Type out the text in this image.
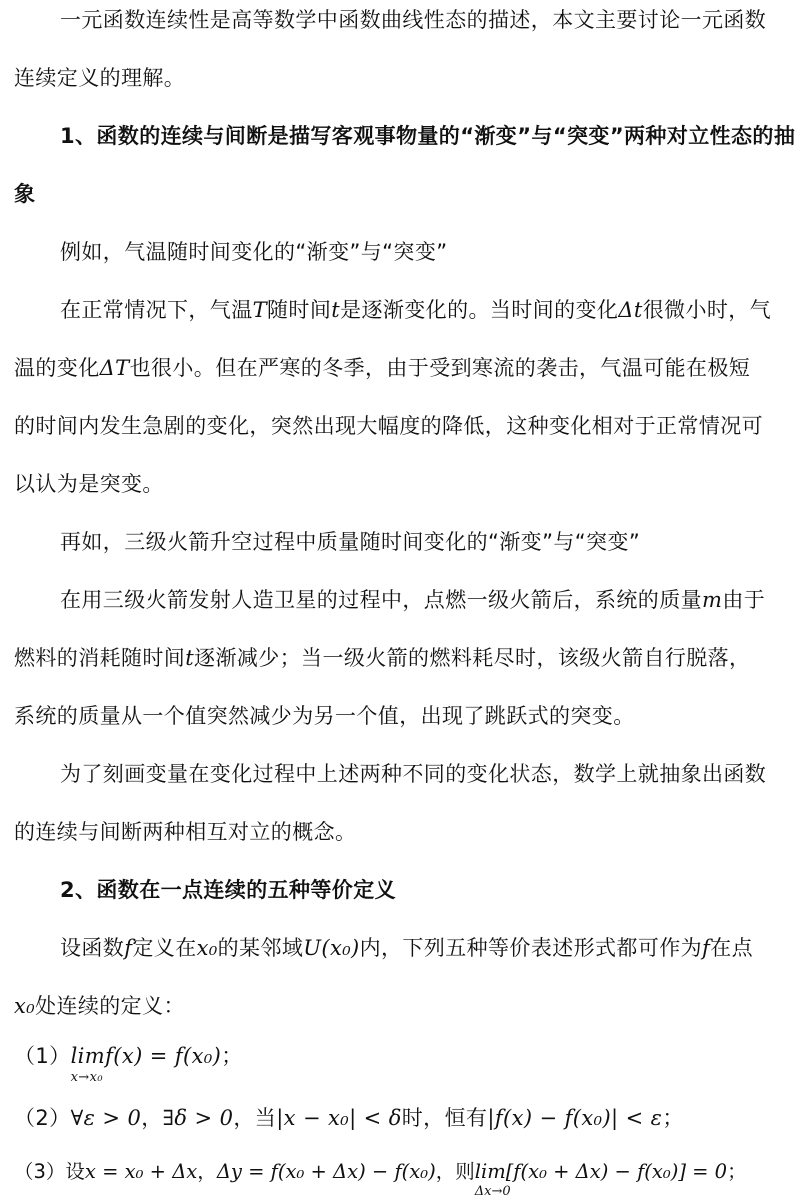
一元函数连续性是高等数学中函数曲线性态的描述，本文主要讨论一元函数
连续定义的理解。
1、函数的连续与间断是描写客观事物量的“渐变”与“突变”两种对立性态的抽
象
例如，气温随时间变化的“渐变”与“突变”
在正常情况下，气温T随时间t是逐渐变化的。当时间的变化Δt很微小时，气
温的变化ΔT也很小。但在严寒的冬季，由于受到寒流的袭击，气温可能在极短
的时间内发生急剧的变化，突然出现大幅度的降低，这种变化相对于正常情况可
以认为是突变。
再如，三级火箭升空过程中质量随时间变化的“渐变”与“突变”
在用三级火箭发射人造卫星的过程中，点燃一级火箭后，系统的质量m由于
燃料的消耗随时间t逐渐减少；当一级火箭的燃料耗尽时，该级火箭自行脱落，
系统的质量从一个值突然减少为另一个值，出现了跳跃式的突变。
为了刻画变量在变化过程中上述两种不同的变化状态，数学上就抽象出函数
的连续与间断两种相互对立的概念。
2、函数在一点连续的五种等价定义
设函数f定义在x₀的某邻域U(x₀)内，下列五种等价表述形式都可作为f在点
x₀处连续的定义：
（1）lim
x→x₀
f(x) = f(x₀)；
（2）∀ε > 0，∃δ > 0，当|x − x₀| < δ时，恒有|f(x) − f(x₀)| < ε；
（3）设x = x₀ + Δx，Δy = f(x₀ + Δx) − f(x₀)，则lim
Δx→0
[f(x₀ + Δx) − f(x₀)] = 0；
